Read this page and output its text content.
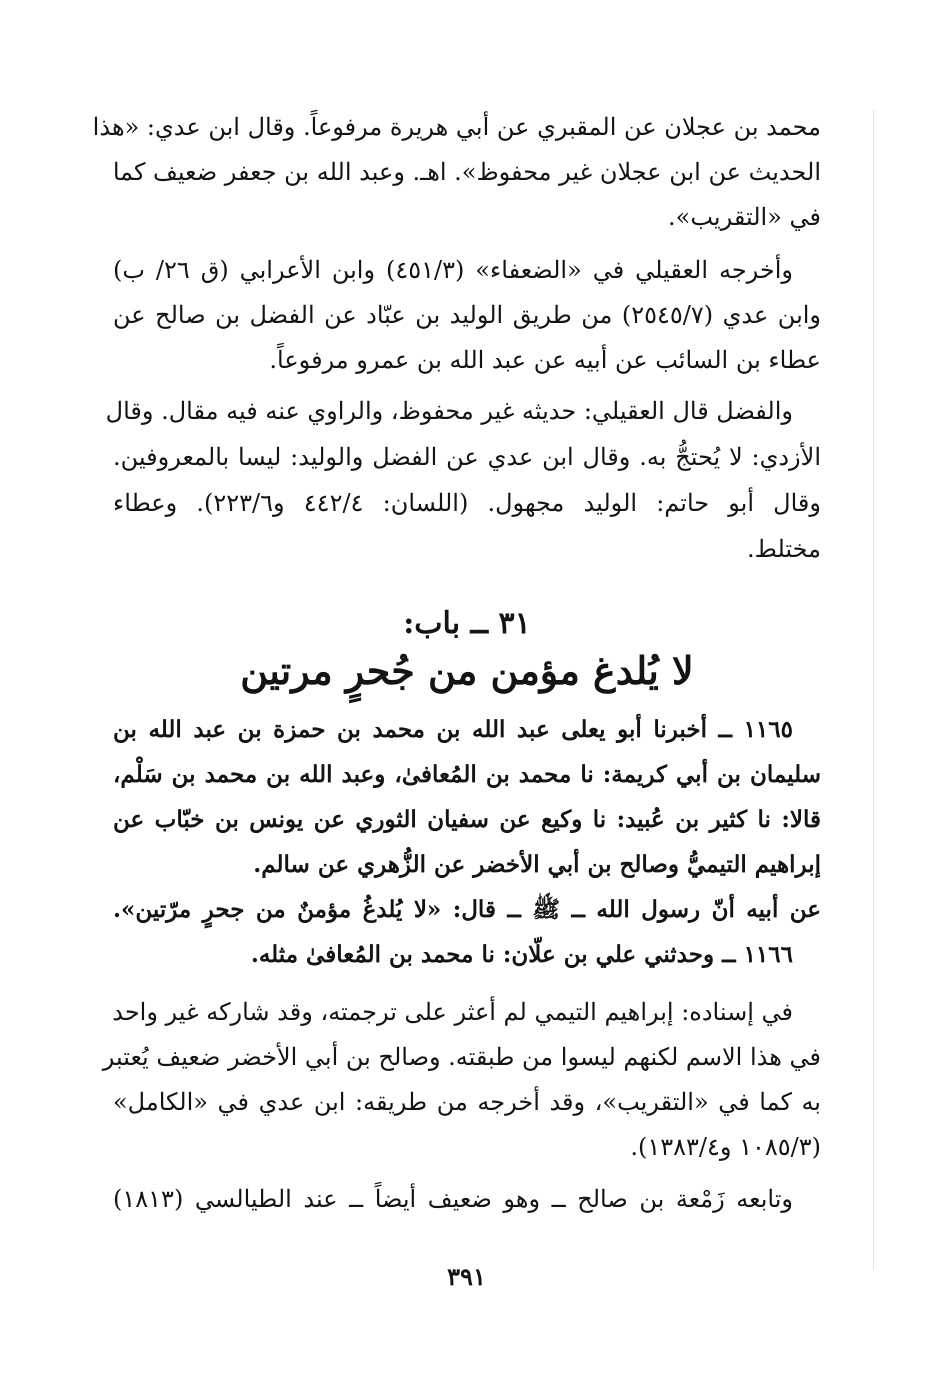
محمد بن عجلان عن المقبري عن أبي هريرة مرفوعاً. وقال ابن عدي: «هذا
الحديث عن ابن عجلان غير محفوظ». اهـ. وعبد الله بن جعفر ضعيف كما
في «التقريب».
وأخرجه العقيلي في «الضعفاء» (٤٥١/٣) وابن الأعرابي (ق ٢٦/ ب)
وابن عدي (٢٥٤٥/٧) من طريق الوليد بن عبّاد عن الفضل بن صالح عن
عطاء بن السائب عن أبيه عن عبد الله بن عمرو مرفوعاً.
والفضل قال العقيلي: حديثه غير محفوظ، والراوي عنه فيه مقال. وقال
الأزدي: لا يُحتجُّ به. وقال ابن عدي عن الفضل والوليد: ليسا بالمعروفين.
وقال أبو حاتم: الوليد مجهول. (اللسان: ٤٤٢/٤ و٢٢٣/٦). وعطاء
مختلط.
٣١ ــ باب:
لا يُلدغ مؤمن من جُحرٍ مرتين
١١٦٥ ــ أخبرنا أبو يعلى عبد الله بن محمد بن حمزة بن عبد الله بن
سليمان بن أبي كريمة: نا محمد بن المُعافىٰ، وعبد الله بن محمد بن سَلْم،
قالا: نا كثير بن عُبيد: نا وكيع عن سفيان الثوري عن يونس بن خبّاب عن
إبراهيم التيميُّ وصالح بن أبي الأخضر عن الزُّهري عن سالم.
عن أبيه أنّ رسول الله ــ ﷺ ــ قال: «لا يُلدغُ مؤمنٌ من جحرٍ مرّتين».
١١٦٦ ــ وحدثني علي بن علّان: نا محمد بن المُعافىٰ مثله.
في إسناده: إبراهيم التيمي لم أعثر على ترجمته، وقد شاركه غير واحد
في هذا الاسم لكنهم ليسوا من طبقته. وصالح بن أبي الأخضر ضعيف يُعتبر
به كما في «التقريب»، وقد أخرجه من طريقه: ابن عدي في «الكامل»
(١٠٨٥/٣ و١٣٨٣/٤).
وتابعه زَمْعة بن صالح ــ وهو ضعيف أيضاً ــ عند الطيالسي (١٨١٣)
٣٩١
